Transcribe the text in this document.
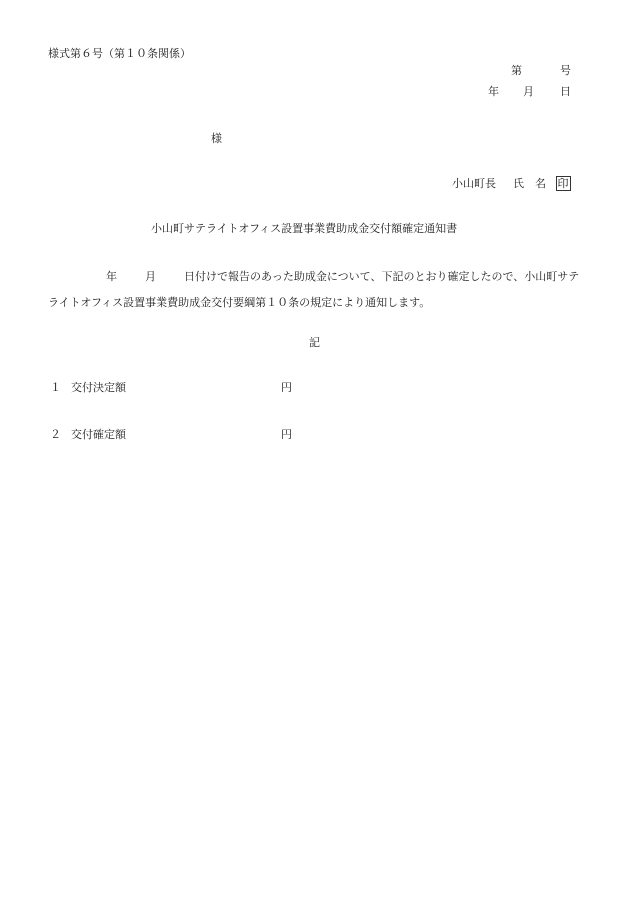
様式第６号（第１０条関係）

第	号

年 月 日

様

小山町長 氏　名 印

小山町サテライトオフィス設置事業費助成金交付額確定通知書

年	月	日付けで報告のあった助成金について、下記のとおり確定したので、小山町サテライトオフィス設置事業費助成金交付要綱第１０条の規定により通知します。

記

１ 交付決定額	円

２ 交付確定額	円
